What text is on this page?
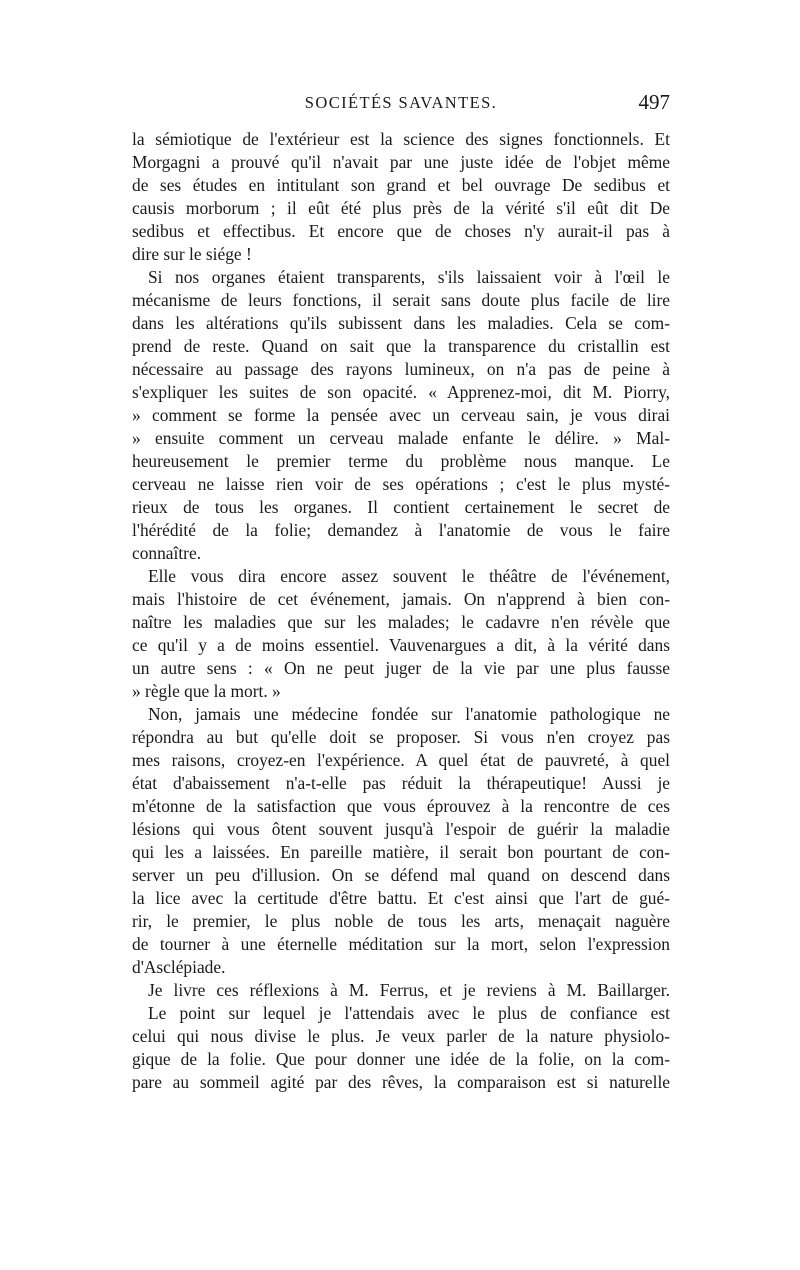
SOCIÉTÉS SAVANTES.	497
la sémiotique de l'extérieur est la science des signes fonctionnels. Et
Morgagni a prouvé qu'il n'avait par une juste idée de l'objet même
de ses études en intitulant son grand et bel ouvrage De sedibus et
causis morborum ; il eût été plus près de la vérité s'il eût dit De
sedibus et effectibus. Et encore que de choses n'y aurait-il pas à
dire sur le siége !
Si nos organes étaient transparents, s'ils laissaient voir à l'œil le
mécanisme de leurs fonctions, il serait sans doute plus facile de lire
dans les altérations qu'ils subissent dans les maladies. Cela se com-
prend de reste. Quand on sait que la transparence du cristallin est
nécessaire au passage des rayons lumineux, on n'a pas de peine à
s'expliquer les suites de son opacité. « Apprenez-moi, dit M. Piorry,
» comment se forme la pensée avec un cerveau sain, je vous dirai
» ensuite comment un cerveau malade enfante le délire. » Mal-
heureusement le premier terme du problème nous manque. Le
cerveau ne laisse rien voir de ses opérations ; c'est le plus mysté-
rieux de tous les organes. Il contient certainement le secret de
l'hérédité de la folie; demandez à l'anatomie de vous le faire
connaître.
Elle vous dira encore assez souvent le théâtre de l'événement,
mais l'histoire de cet événement, jamais. On n'apprend à bien con-
naître les maladies que sur les malades; le cadavre n'en révèle que
ce qu'il y a de moins essentiel. Vauvenargues a dit, à la vérité dans
un autre sens : « On ne peut juger de la vie par une plus fausse
» règle que la mort. »
Non, jamais une médecine fondée sur l'anatomie pathologique ne
répondra au but qu'elle doit se proposer. Si vous n'en croyez pas
mes raisons, croyez-en l'expérience. A quel état de pauvreté, à quel
état d'abaissement n'a-t-elle pas réduit la thérapeutique! Aussi je
m'étonne de la satisfaction que vous éprouvez à la rencontre de ces
lésions qui vous ôtent souvent jusqu'à l'espoir de guérir la maladie
qui les a laissées. En pareille matière, il serait bon pourtant de con-
server un peu d'illusion. On se défend mal quand on descend dans
la lice avec la certitude d'être battu. Et c'est ainsi que l'art de gué-
rir, le premier, le plus noble de tous les arts, menaçait naguère
de tourner à une éternelle méditation sur la mort, selon l'expression
d'Asclépiade.
Je livre ces réflexions à M. Ferrus, et je reviens à M. Baillarger.
Le point sur lequel je l'attendais avec le plus de confiance est
celui qui nous divise le plus. Je veux parler de la nature physiolo-
gique de la folie. Que pour donner une idée de la folie, on la com-
pare au sommeil agité par des rêves, la comparaison est si naturelle
